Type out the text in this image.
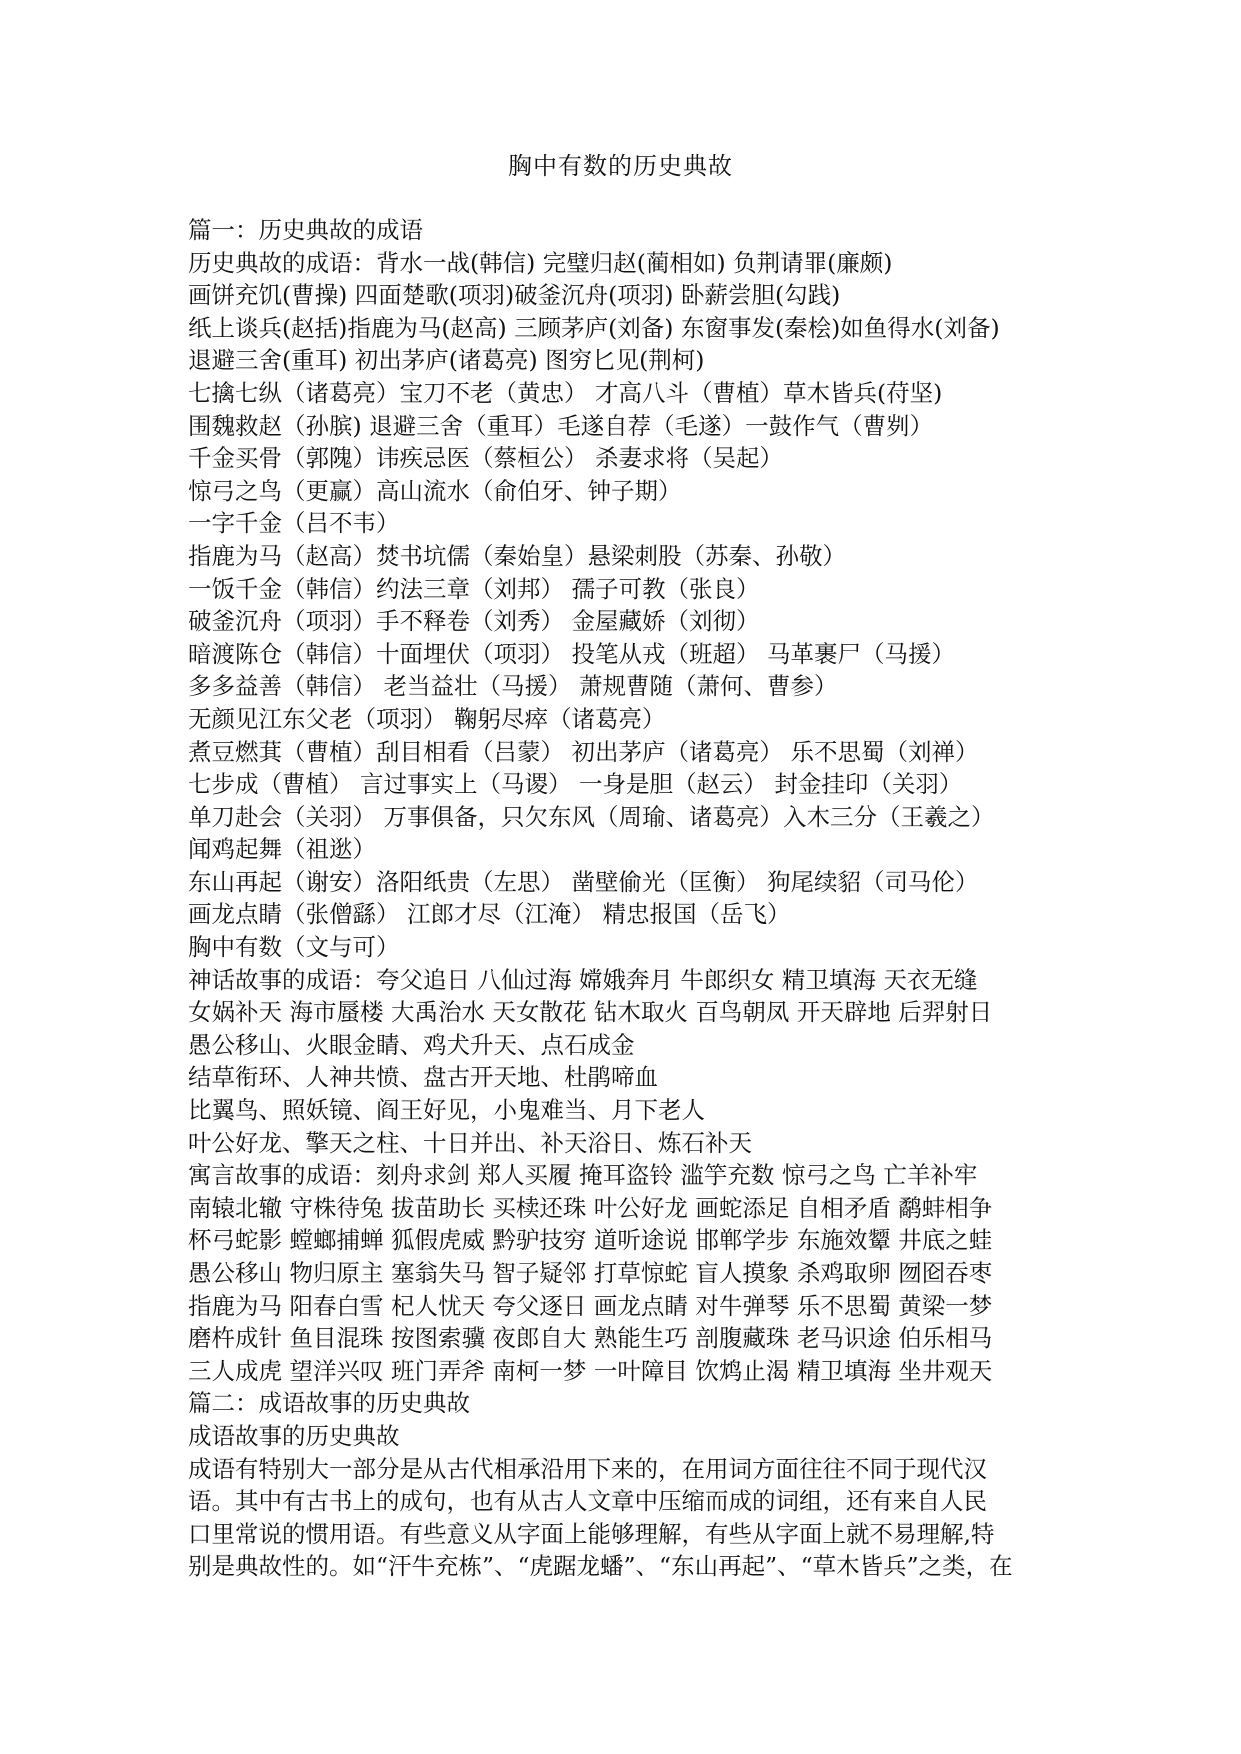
胸中有数的历史典故
篇一：历史典故的成语
历史典故的成语：背水一战(韩信) 完璧归赵(蔺相如) 负荆请罪(廉颇)
画饼充饥(曹操) 四面楚歌(项羽)破釜沉舟(项羽) 卧薪尝胆(勾践)
纸上谈兵(赵括)指鹿为马(赵高) 三顾茅庐(刘备) 东窗事发(秦桧)如鱼得水(刘备)
退避三舍(重耳) 初出茅庐(诸葛亮) 图穷匕见(荆柯)
七擒七纵（诸葛亮）宝刀不老（黄忠） 才高八斗（曹植）草木皆兵(苻坚)
围魏救赵（孙膑) 退避三舍（重耳）毛遂自荐（毛遂）一鼓作气（曹刿）
千金买骨（郭隗）讳疾忌医（蔡桓公） 杀妻求将（吴起）
惊弓之鸟（更赢）高山流水（俞伯牙、钟子期）
一字千金（吕不韦）
指鹿为马（赵高）焚书坑儒（秦始皇）悬梁刺股（苏秦、孙敬）
一饭千金（韩信）约法三章（刘邦） 孺子可教（张良）
破釜沉舟（项羽）手不释卷（刘秀） 金屋藏娇（刘彻）
暗渡陈仓（韩信）十面埋伏（项羽） 投笔从戎（班超） 马革裹尸（马援）
多多益善（韩信） 老当益壮（马援） 萧规曹随（萧何、曹参）
无颜见江东父老（项羽） 鞠躬尽瘁（诸葛亮）
煮豆燃萁（曹植）刮目相看（吕蒙） 初出茅庐（诸葛亮） 乐不思蜀（刘禅）
七步成（曹植） 言过事实上（马谡） 一身是胆（赵云） 封金挂印（关羽）
单刀赴会（关羽） 万事俱备，只欠东风（周瑜、诸葛亮）入木三分（王羲之）
闻鸡起舞（祖逖）
东山再起（谢安）洛阳纸贵（左思） 凿壁偷光（匡衡） 狗尾续貂（司马伦）
画龙点睛（张僧繇） 江郎才尽（江淹） 精忠报国（岳飞）
胸中有数（文与可）
神话故事的成语：夸父追日 八仙过海 嫦娥奔月 牛郎织女 精卫填海 天衣无缝
女娲补天 海市蜃楼 大禹治水 天女散花 钻木取火 百鸟朝凤 开天辟地 后羿射日
愚公移山、火眼金睛、鸡犬升天、点石成金
结草衔环、人神共愤、盘古开天地、杜鹃啼血
比翼鸟、照妖镜、阎王好见，小鬼难当、月下老人
叶公好龙、擎天之柱、十日并出、补天浴日、炼石补天
寓言故事的成语：刻舟求剑 郑人买履 掩耳盗铃 滥竽充数 惊弓之鸟 亡羊补牢
南辕北辙 守株待兔 拔苗助长 买椟还珠 叶公好龙 画蛇添足 自相矛盾 鹬蚌相争
杯弓蛇影 螳螂捕蝉 狐假虎威 黔驴技穷 道听途说 邯郸学步 东施效颦 井底之蛙
愚公移山 物归原主 塞翁失马 智子疑邻 打草惊蛇 盲人摸象 杀鸡取卵 囫囵吞枣
指鹿为马 阳春白雪 杞人忧天 夸父逐日 画龙点睛 对牛弹琴 乐不思蜀 黄梁一梦
磨杵成针 鱼目混珠 按图索骥 夜郎自大 熟能生巧 剖腹藏珠 老马识途 伯乐相马
三人成虎 望洋兴叹 班门弄斧 南柯一梦 一叶障目 饮鸩止渴 精卫填海 坐井观天
篇二：成语故事的历史典故
成语故事的历史典故
成语有特别大一部分是从古代相承沿用下来的，在用词方面往往不同于现代汉
语。其中有古书上的成句，也有从古人文章中压缩而成的词组，还有来自人民
口里常说的惯用语。有些意义从字面上能够理解，有些从字面上就不易理解,特
别是典故性的。如“汗牛充栋”、“虎踞龙蟠”、“东山再起”、“草木皆兵”之类，在
